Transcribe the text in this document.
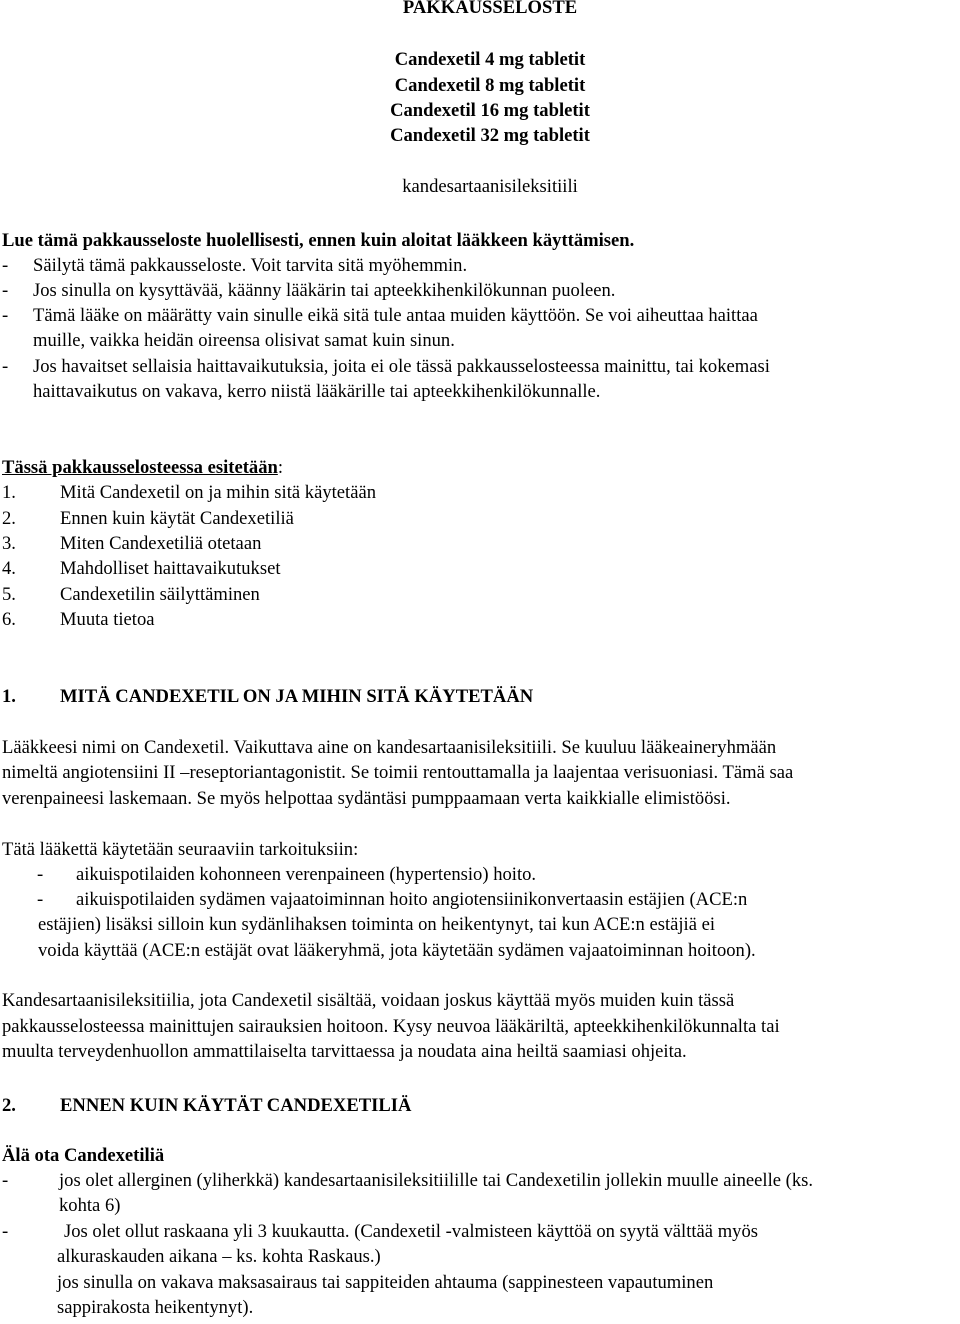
PAKKAUSSELOSTE
Candexetil 4 mg tabletit
Candexetil 8 mg tabletit
Candexetil 16 mg tabletit
Candexetil 32 mg tabletit
kandesartaanisileksitiili
Lue tämä pakkausseloste huolellisesti, ennen kuin aloitat lääkkeen käyttämisen.
- Säilytä tämä pakkausseloste. Voit tarvita sitä myöhemmin.
- Jos sinulla on kysyttävää, käänny lääkärin tai apteekkihenkilökunnan puoleen.
- Tämä lääke on määrätty vain sinulle eikä sitä tule antaa muiden käyttöön. Se voi aiheuttaa haittaa
muille, vaikka heidän oireensa olisivat samat kuin sinun.
- Jos havaitset sellaisia haittavaikutuksia, joita ei ole tässä pakkausselosteessa mainittu, tai kokemasi
haittavaikutus on vakava, kerro niistä lääkärille tai apteekkihenkilökunnalle.
Tässä pakkausselosteessa esitetään:
1. Mitä Candexetil on ja mihin sitä käytetään
2. Ennen kuin käytät Candexetiliä
3. Miten Candexetiliä otetaan
4. Mahdolliset haittavaikutukset
5. Candexetilin säilyttäminen
6. Muuta tietoa
1. MITÄ CANDEXETIL ON JA MIHIN SITÄ KÄYTETÄÄN
Lääkkeesi nimi on Candexetil. Vaikuttava aine on kandesartaanisileksitiili. Se kuuluu lääkeaineryhmään
nimeltä angiotensiini II –reseptoriantagonistit. Se toimii rentouttamalla ja laajentaa verisuoniasi. Tämä saa
verenpaineesi laskemaan. Se myös helpottaa sydäntäsi pumppaamaan verta kaikkialle elimistöösi.
Tätä lääkettä käytetään seuraaviin tarkoituksiin:
- aikuispotilaiden kohonneen verenpaineen (hypertensio) hoito.
- aikuispotilaiden sydämen vajaatoiminnan hoito angiotensiinikonvertaasin estäjien (ACE:n
estäjien) lisäksi silloin kun sydänlihaksen toiminta on heikentynyt, tai kun ACE:n estäjiä ei
voida käyttää (ACE:n estäjät ovat lääkeryhmä, jota käytetään sydämen vajaatoiminnan hoitoon).
Kandesartaanisileksitiilia, jota Candexetil sisältää, voidaan joskus käyttää myös muiden kuin tässä
pakkausselosteessa mainittujen sairauksien hoitoon. Kysy neuvoa lääkäriltä, apteekkihenkilökunnalta tai
muulta terveydenhuollon ammattilaiselta tarvittaessa ja noudata aina heiltä saamiasi ohjeita.
2. ENNEN KUIN KÄYTÄT CANDEXETILIÄ
Älä ota Candexetiliä
-	jos olet allerginen (yliherkkä) kandesartaanisileksitiilille tai Candexetilin jollekin muulle aineelle (ks.
kohta 6)
-	Jos olet ollut raskaana yli 3 kuukautta. (Candexetil -valmisteen käyttöä on syytä välttää myös
alkuraskauden aikana – ks. kohta Raskaus.)
jos sinulla on vakava maksasairaus tai sappiteiden ahtauma (sappinesteen vapautuminen
sappirakosta heikentynyt).
